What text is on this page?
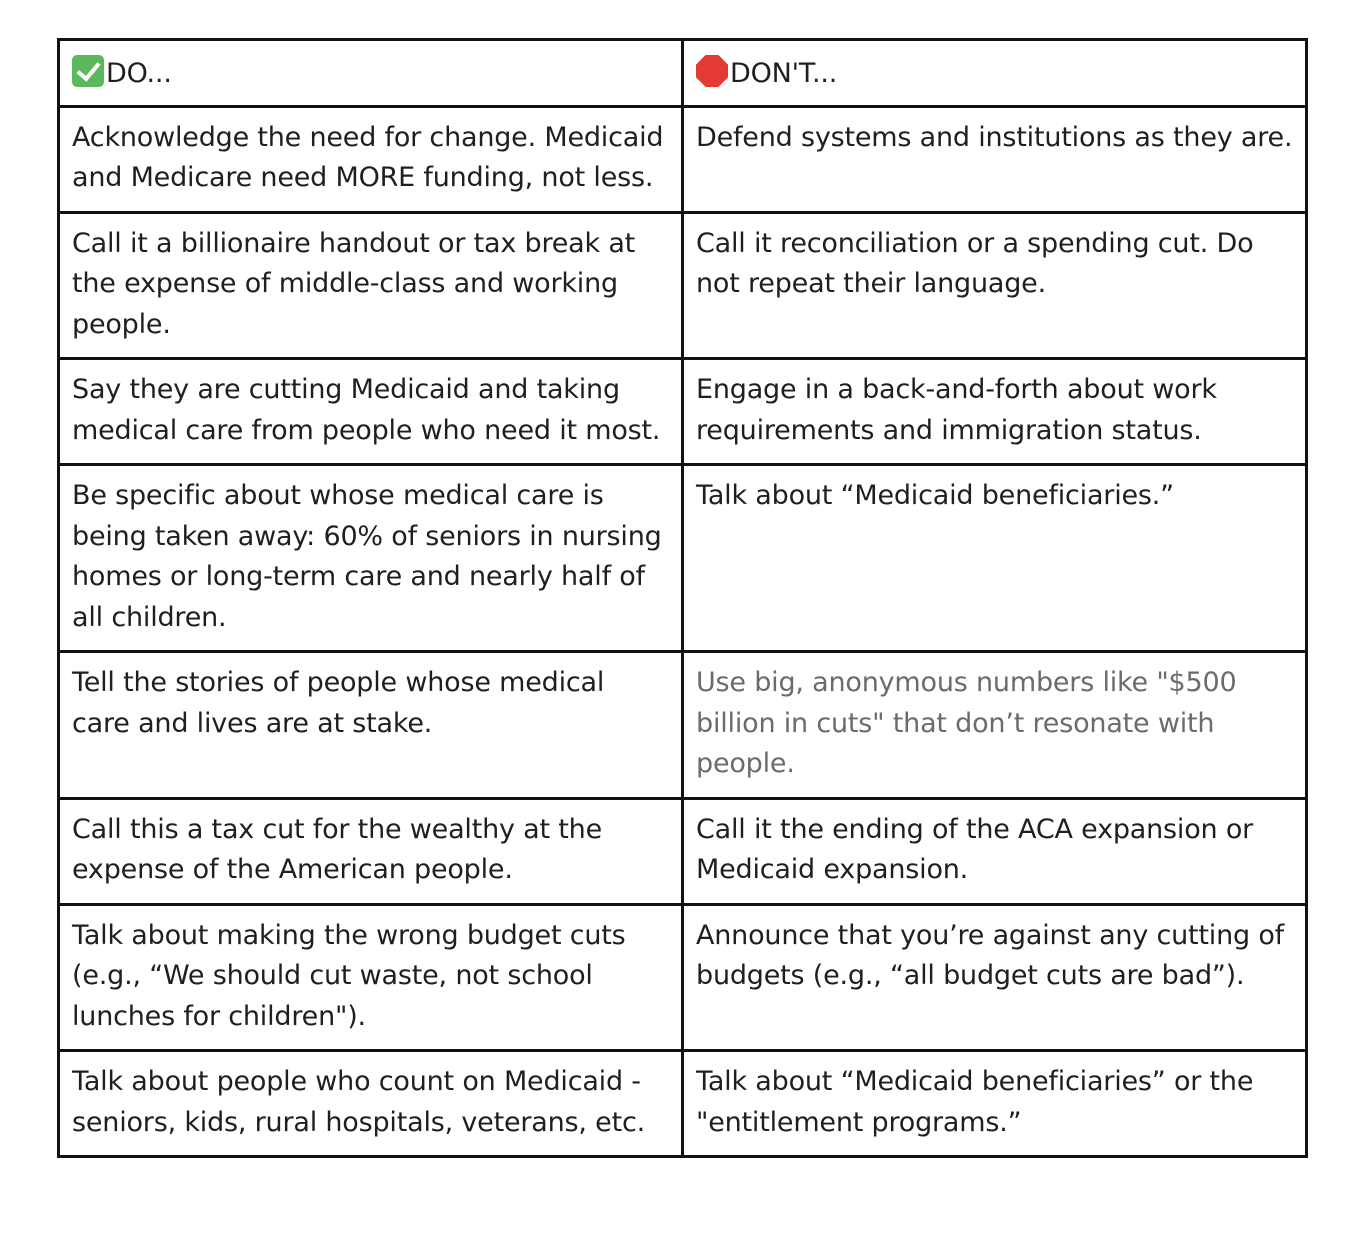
DO...	DON'T...
Acknowledge the need for change. Medicaid and Medicare need MORE funding, not less.	Defend systems and institutions as they are.
Call it a billionaire handout or tax break at the expense of middle-class and working people.	Call it reconciliation or a spending cut. Do not repeat their language.
Say they are cutting Medicaid and taking medical care from people who need it most.	Engage in a back-and-forth about work requirements and immigration status.
Be specific about whose medical care is being taken away: 60% of seniors in nursing homes or long-term care and nearly half of all children.	Talk about “Medicaid beneficiaries.”
Tell the stories of people whose medical care and lives are at stake.	Use big, anonymous numbers like "$500 billion in cuts" that don’t resonate with people.
Call this a tax cut for the wealthy at the expense of the American people.	Call it the ending of the ACA expansion or Medicaid expansion.
Talk about making the wrong budget cuts (e.g., “We should cut waste, not school lunches for children").	Announce that you’re against any cutting of budgets (e.g., “all budget cuts are bad”).
Talk about people who count on Medicaid - seniors, kids, rural hospitals, veterans, etc.	Talk about “Medicaid beneficiaries” or the "entitlement programs.”
